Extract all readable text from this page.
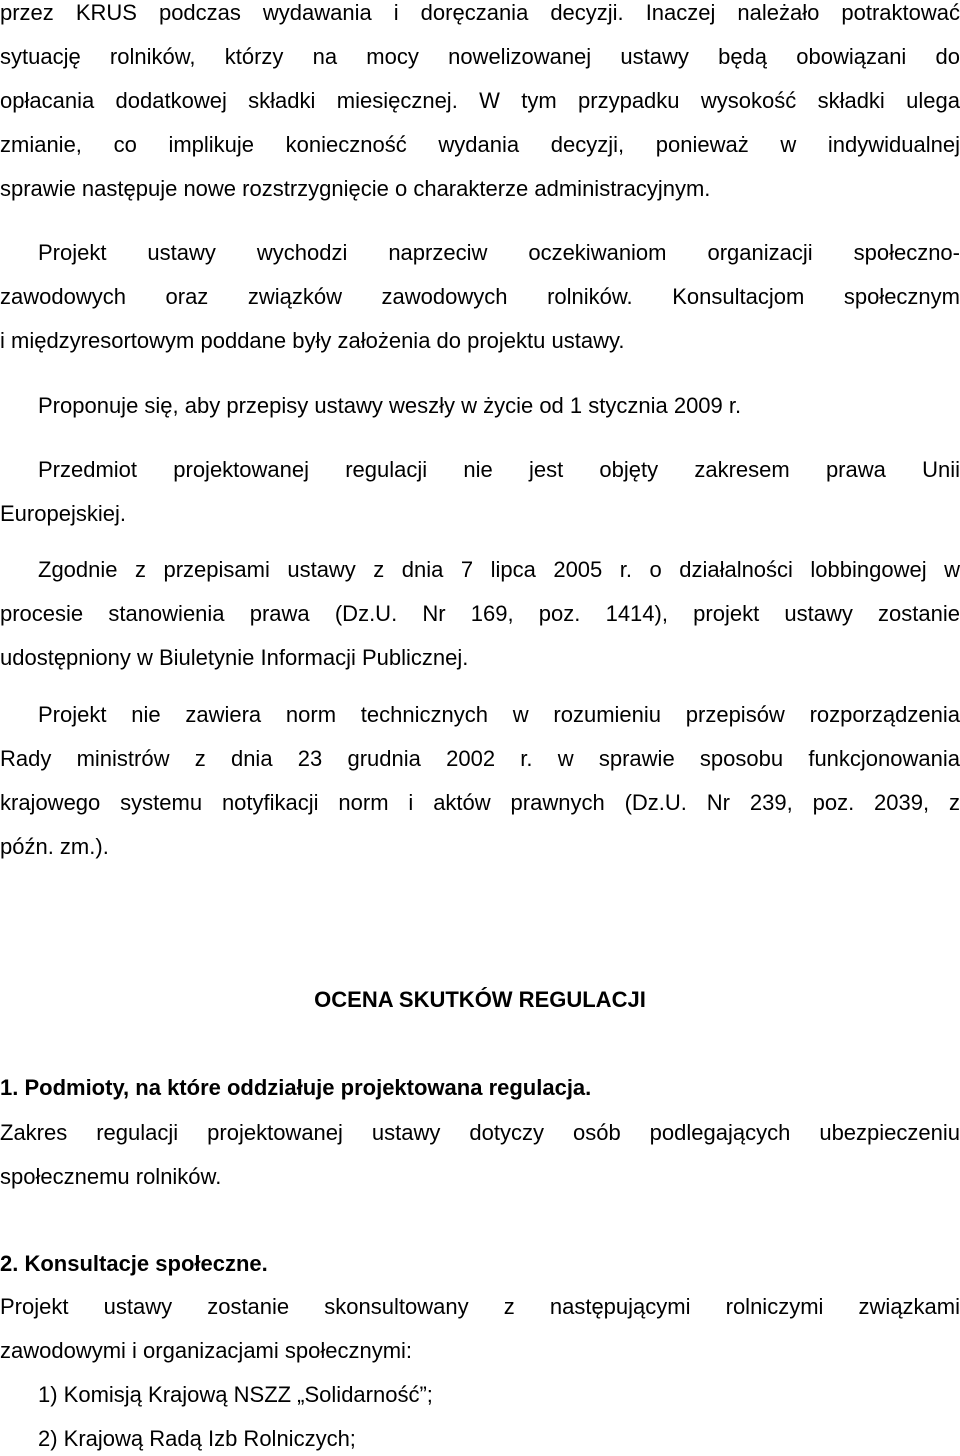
przez KRUS podczas wydawania i doręczania decyzji. Inaczej należało potraktować
sytuację rolników, którzy na mocy nowelizowanej ustawy będą obowiązani do
opłacania dodatkowej składki miesięcznej. W tym przypadku wysokość składki ulega
zmianie, co implikuje konieczność wydania decyzji, ponieważ w indywidualnej
sprawie następuje nowe rozstrzygnięcie o charakterze administracyjnym.
Projekt ustawy wychodzi naprzeciw oczekiwaniom organizacji społeczno-
zawodowych oraz związków zawodowych rolników. Konsultacjom społecznym
i międzyresortowym poddane były założenia do projektu ustawy.
Proponuje się, aby przepisy ustawy weszły w życie od 1 stycznia 2009 r.
Przedmiot projektowanej regulacji nie jest objęty zakresem prawa Unii
Europejskiej.
Zgodnie z przepisami ustawy z dnia 7 lipca 2005 r. o działalności lobbingowej w
procesie stanowienia prawa (Dz.U. Nr 169, poz. 1414), projekt ustawy zostanie
udostępniony w Biuletynie Informacji Publicznej.
Projekt nie zawiera norm technicznych w rozumieniu przepisów rozporządzenia
Rady ministrów z dnia 23 grudnia 2002 r. w sprawie sposobu funkcjonowania
krajowego systemu notyfikacji norm i aktów prawnych (Dz.U. Nr 239, poz. 2039, z
późn. zm.).
OCENA SKUTKÓW REGULACJI
1. Podmioty, na które oddziałuje projektowana regulacja.
Zakres regulacji projektowanej ustawy dotyczy osób podlegających ubezpieczeniu
społecznemu rolników.
2. Konsultacje społeczne.
Projekt ustawy zostanie skonsultowany z następującymi rolniczymi związkami
zawodowymi i organizacjami społecznymi:
1) Komisją Krajową NSZZ „Solidarność”;
2) Krajową Radą Izb Rolniczych;
